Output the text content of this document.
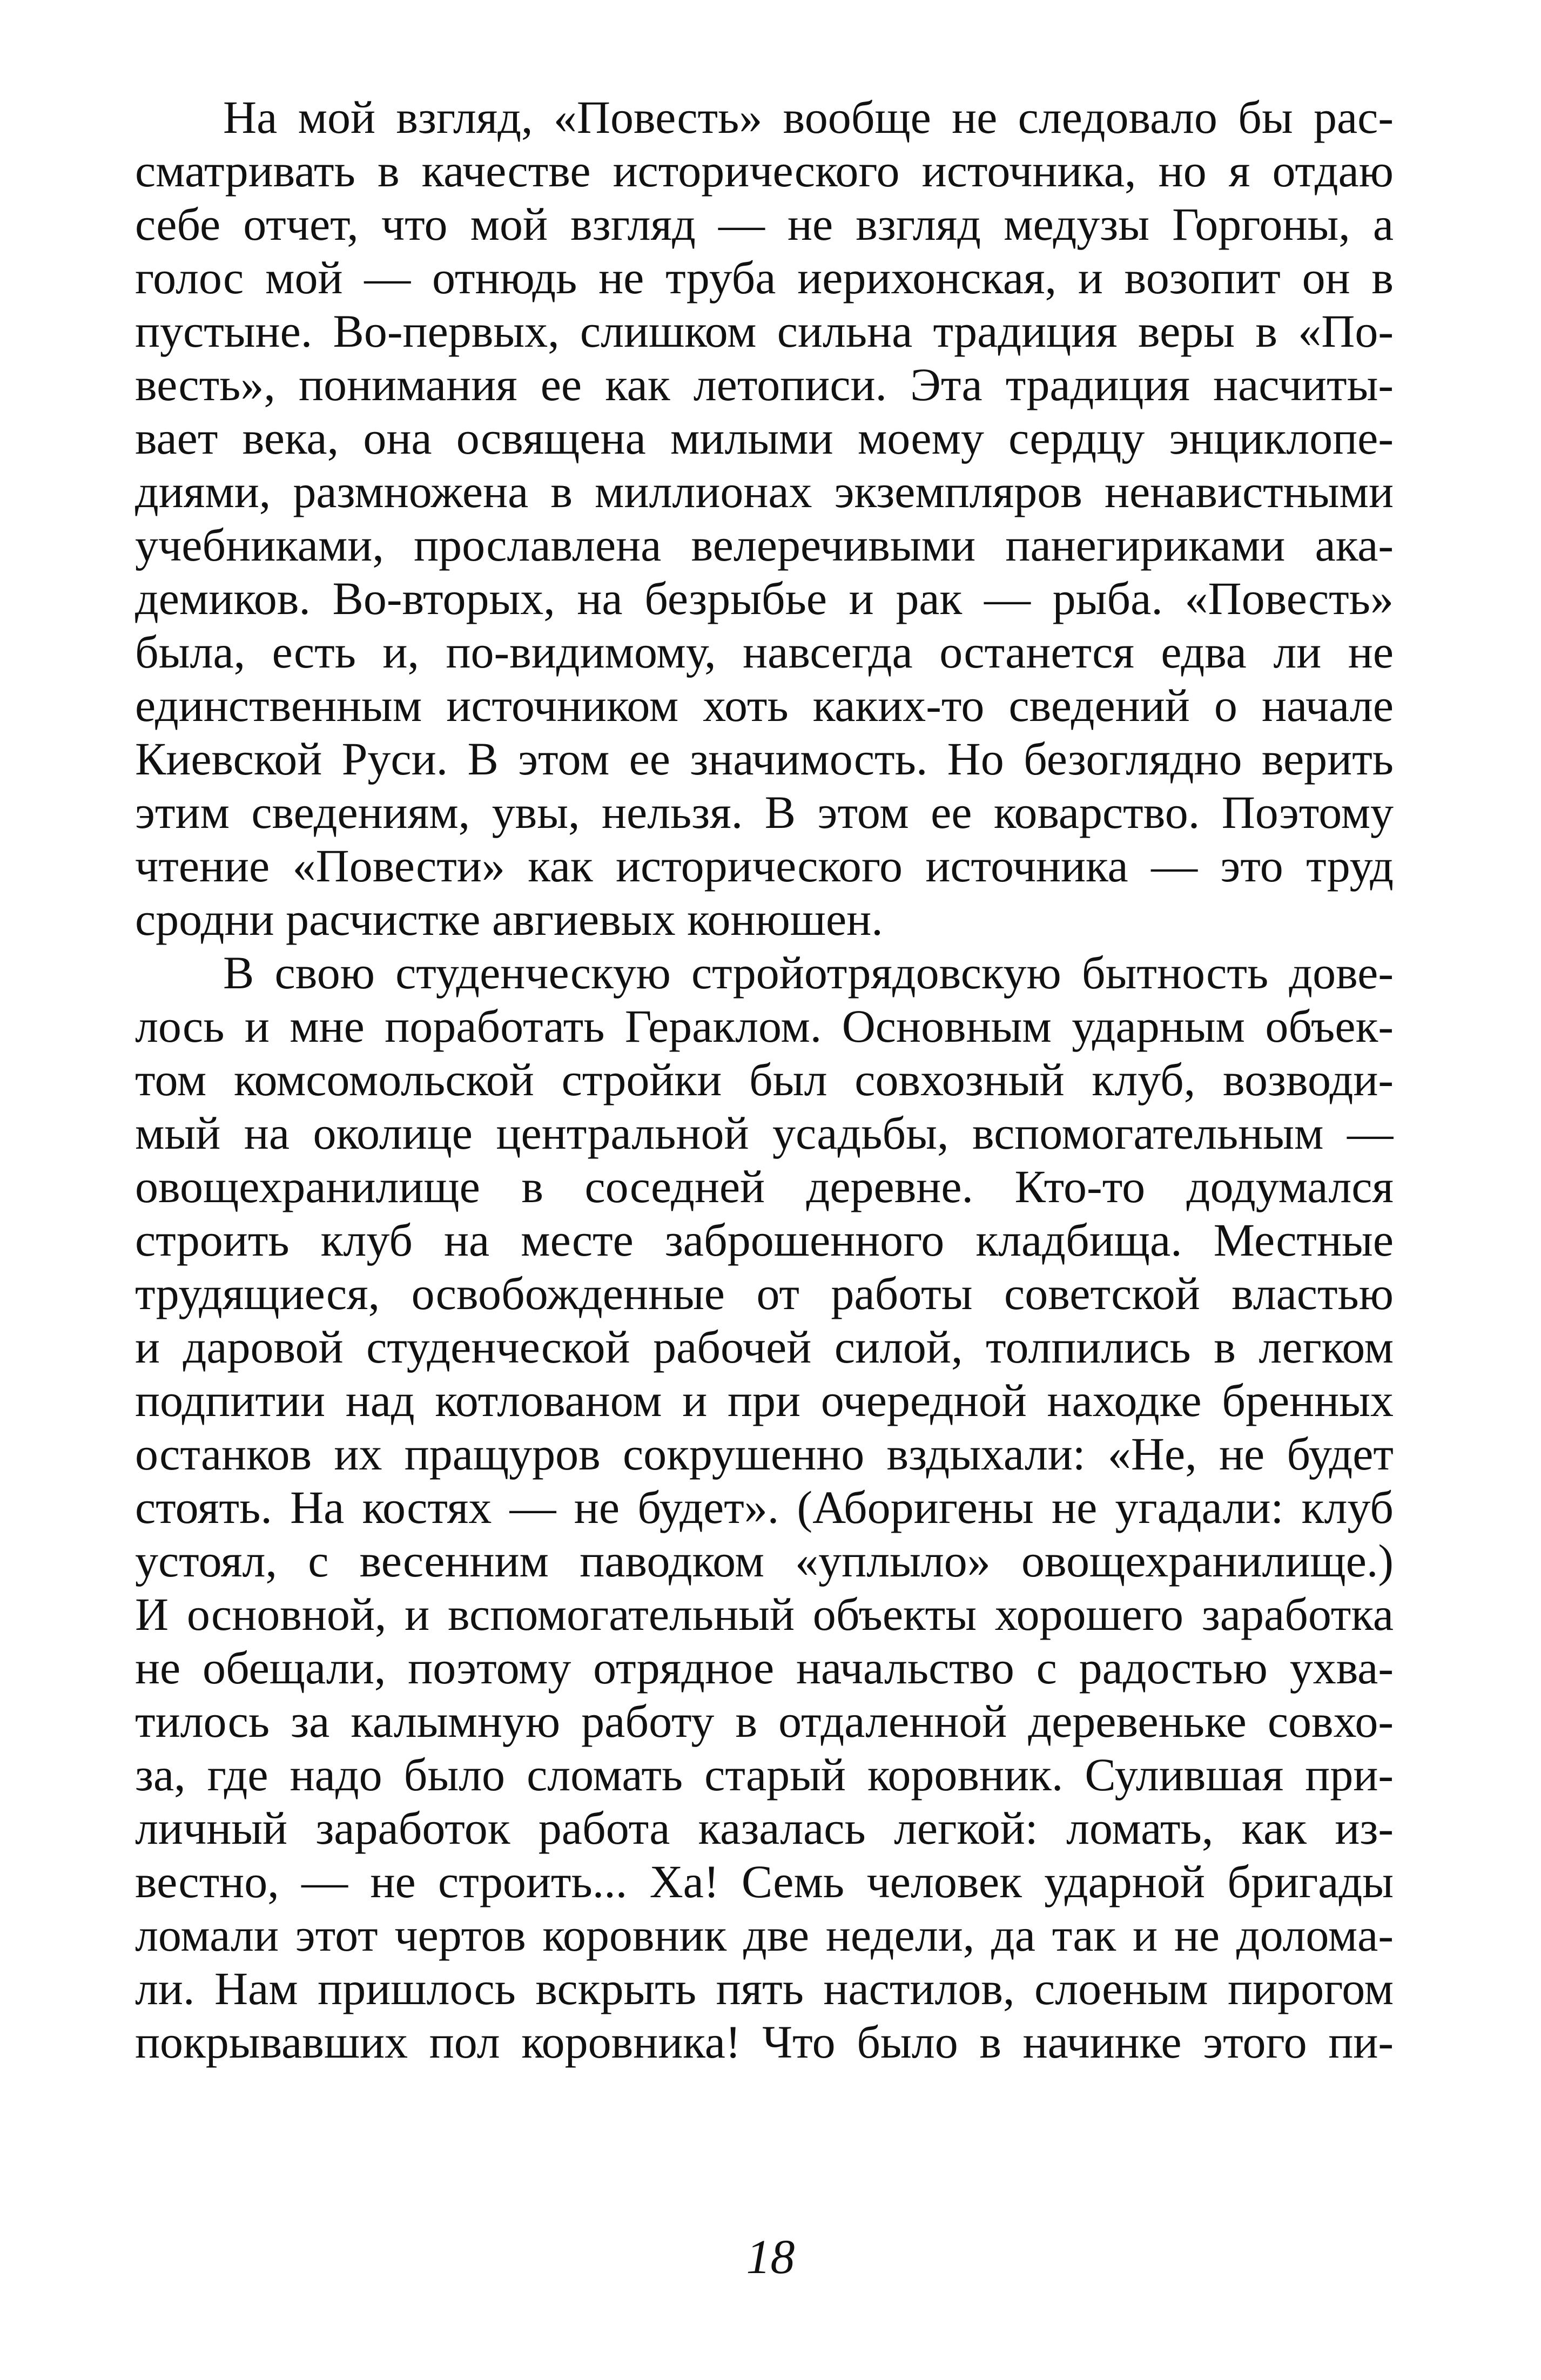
На мой взгляд, «Повесть» вообще не следовало бы рас-
сматривать в качестве исторического источника, но я отдаю
себе отчет, что мой взгляд — не взгляд медузы Горгоны, а
голос мой — отнюдь не труба иерихонская, и возопит он в
пустыне. Во-первых, слишком сильна традиция веры в «По-
весть», понимания ее как летописи. Эта традиция насчиты-
вает века, она освящена милыми моему сердцу энциклопе-
диями, размножена в миллионах экземпляров ненавистными
учебниками, прославлена велеречивыми панегириками ака-
демиков. Во-вторых, на безрыбье и рак — рыба. «Повесть»
была, есть и, по-видимому, навсегда останется едва ли не
единственным источником хоть каких-то сведений о начале
Киевской Руси. В этом ее значимость. Но безоглядно верить
этим сведениям, увы, нельзя. В этом ее коварство. Поэтому
чтение «Повести» как исторического источника — это труд
сродни расчистке авгиевых конюшен.
В свою студенческую стройотрядовскую бытность дове-
лось и мне поработать Гераклом. Основным ударным объек-
том комсомольской стройки был совхозный клуб, возводи-
мый на околице центральной усадьбы, вспомогательным —
овощехранилище в соседней деревне. Кто-то додумался
строить клуб на месте заброшенного кладбища. Местные
трудящиеся, освобожденные от работы советской властью
и даровой студенческой рабочей силой, толпились в легком
подпитии над котлованом и при очередной находке бренных
останков их пращуров сокрушенно вздыхали: «Не, не будет
стоять. На костях — не будет». (Аборигены не угадали: клуб
устоял, с весенним паводком «уплыло» овощехранилище.)
И основной, и вспомогательный объекты хорошего заработка
не обещали, поэтому отрядное начальство с радостью ухва-
тилось за калымную работу в отдаленной деревеньке совхо-
за, где надо было сломать старый коровник. Сулившая при-
личный заработок работа казалась легкой: ломать, как из-
вестно, — не строить... Ха! Семь человек ударной бригады
ломали этот чертов коровник две недели, да так и не доломa-
ли. Нам пришлось вскрыть пять настилов, слоеным пирогом
покрывавших пол коровника! Что было в начинке этого пи-
18
